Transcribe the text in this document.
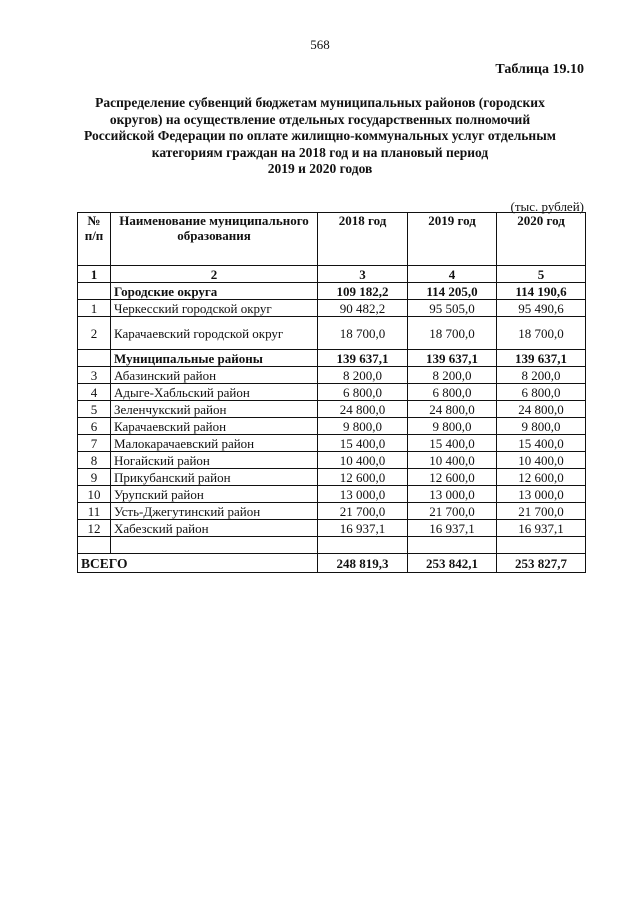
568
Таблица 19.10
Распределение субвенций бюджетам муниципальных районов (городских
округов) на осуществление отдельных государственных полномочий
Российской Федерации по оплате жилищно-коммунальных услуг отдельным
категориям граждан на 2018 год и на плановый период
2019 и 2020 годов
(тыс. рублей)
№ п/п	Наименование муниципального образования	2018 год	2019 год	2020 год
1	2	3	4	5
	Городские округа	109 182,2	114 205,0	114 190,6
1	Черкесский городской округ	90 482,2	95 505,0	95 490,6
2	Карачаевский городской округ	18 700,0	18 700,0	18 700,0
	Муниципальные районы	139 637,1	139 637,1	139 637,1
3	Абазинский район	8 200,0	8 200,0	8 200,0
4	Адыге-Хабльский район	6 800,0	6 800,0	6 800,0
5	Зеленчукский район	24 800,0	24 800,0	24 800,0
6	Карачаевский район	9 800,0	9 800,0	9 800,0
7	Малокарачаевский район	15 400,0	15 400,0	15 400,0
8	Ногайский район	10 400,0	10 400,0	10 400,0
9	Прикубанский район	12 600,0	12 600,0	12 600,0
10	Урупский район	13 000,0	13 000,0	13 000,0
11	Усть-Джегутинский район	21 700,0	21 700,0	21 700,0
12	Хабезский район	16 937,1	16 937,1	16 937,1

ВСЕГО		248 819,3	253 842,1	253 827,7
